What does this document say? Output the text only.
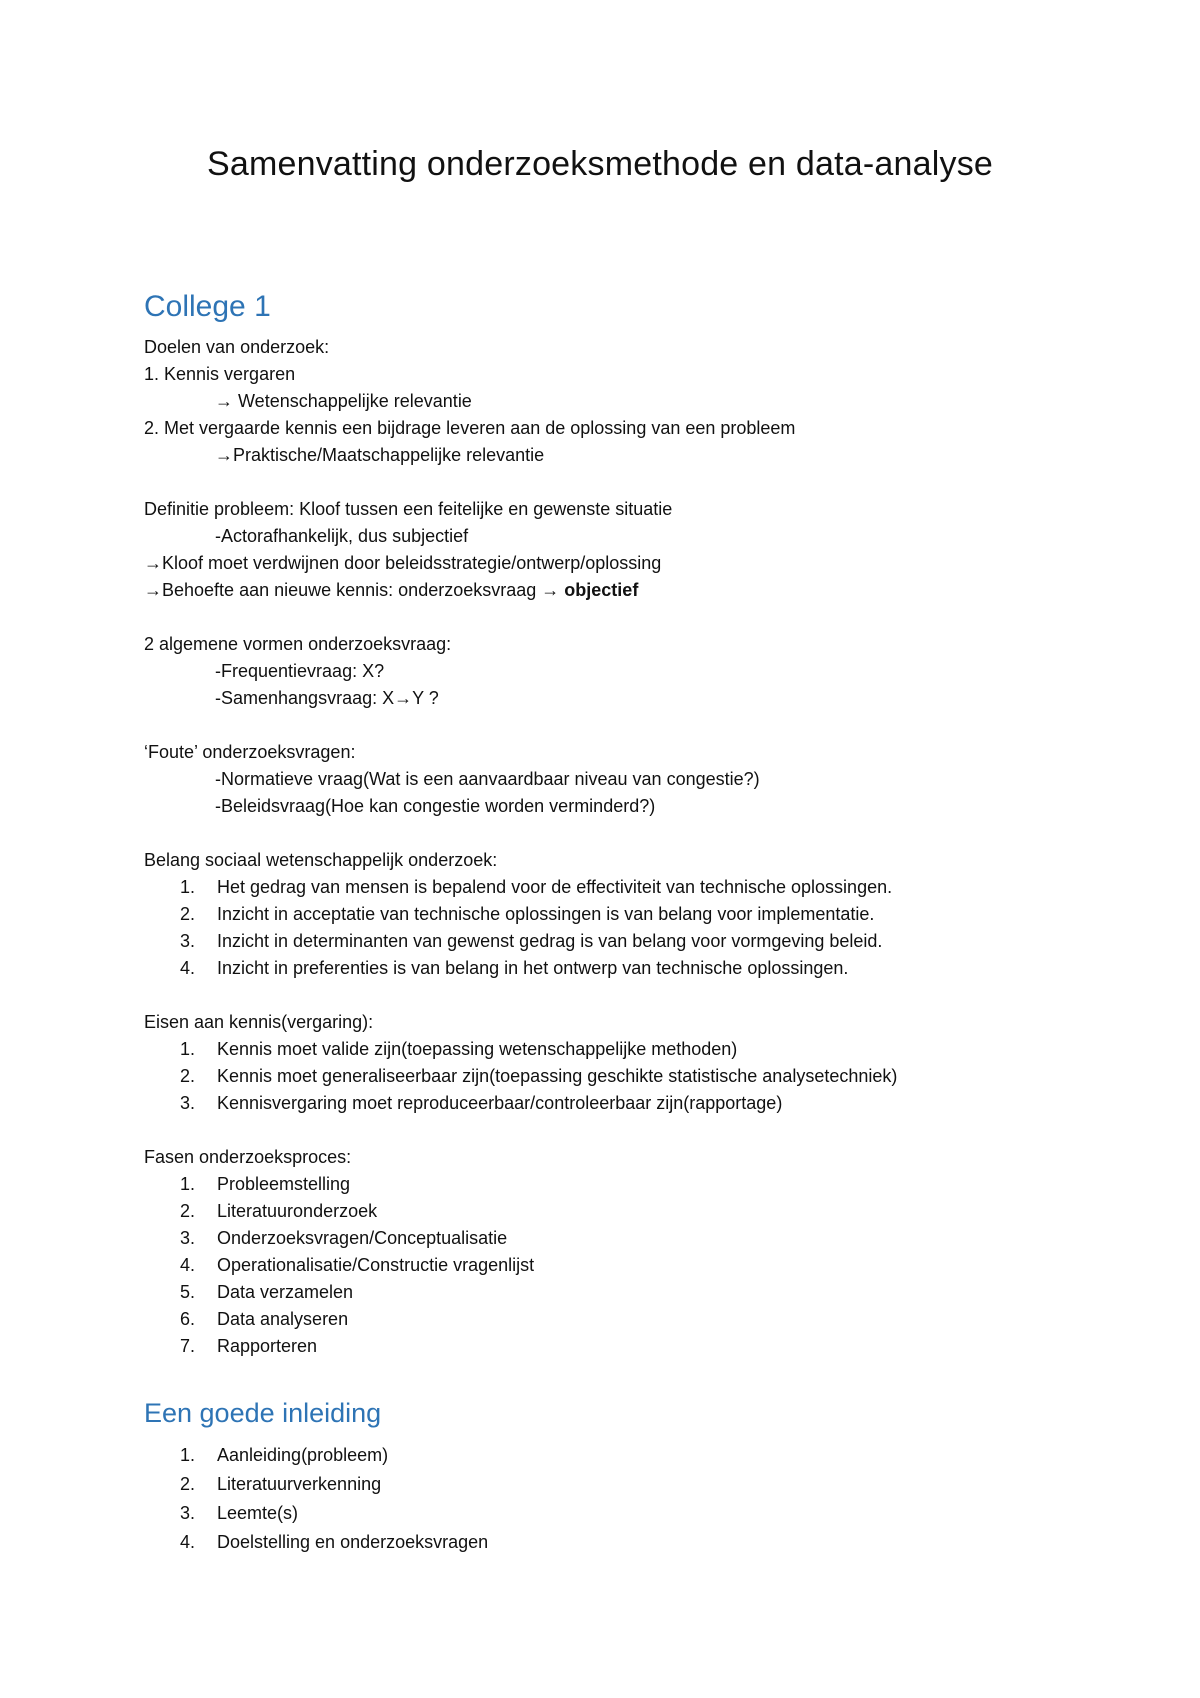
Samenvatting onderzoeksmethode en data-analyse
College 1
Doelen van onderzoek:
1. Kennis vergaren
→ Wetenschappelijke relevantie
2. Met vergaarde kennis een bijdrage leveren aan de oplossing van een probleem
→Praktische/Maatschappelijke relevantie
Definitie probleem: Kloof tussen een feitelijke en gewenste situatie
-Actorafhankelijk, dus subjectief
→Kloof moet verdwijnen door beleidsstrategie/ontwerp/oplossing
→Behoefte aan nieuwe kennis: onderzoeksvraag → objectief
2 algemene vormen onderzoeksvraag:
-Frequentievraag: X?
-Samenhangsvraag: X→Y ?
‘Foute’ onderzoeksvragen:
-Normatieve vraag(Wat is een aanvaardbaar niveau van congestie?)
-Beleidsvraag(Hoe kan congestie worden verminderd?)
Belang sociaal wetenschappelijk onderzoek:
1. Het gedrag van mensen is bepalend voor de effectiviteit van technische oplossingen.
2. Inzicht in acceptatie van technische oplossingen is van belang voor implementatie.
3. Inzicht in determinanten van gewenst gedrag is van belang voor vormgeving beleid.
4. Inzicht in preferenties is van belang in het ontwerp van technische oplossingen.
Eisen aan kennis(vergaring):
1. Kennis moet valide zijn(toepassing wetenschappelijke methoden)
2. Kennis moet generaliseerbaar zijn(toepassing geschikte statistische analysetechniek)
3. Kennisvergaring moet reproduceerbaar/controleerbaar zijn(rapportage)
Fasen onderzoeksproces:
1. Probleemstelling
2. Literatuuronderzoek
3. Onderzoeksvragen/Conceptualisatie
4. Operationalisatie/Constructie vragenlijst
5. Data verzamelen
6. Data analyseren
7. Rapporteren
Een goede inleiding
1. Aanleiding(probleem)
2. Literatuurverkenning
3. Leemte(s)
4. Doelstelling en onderzoeksvragen
